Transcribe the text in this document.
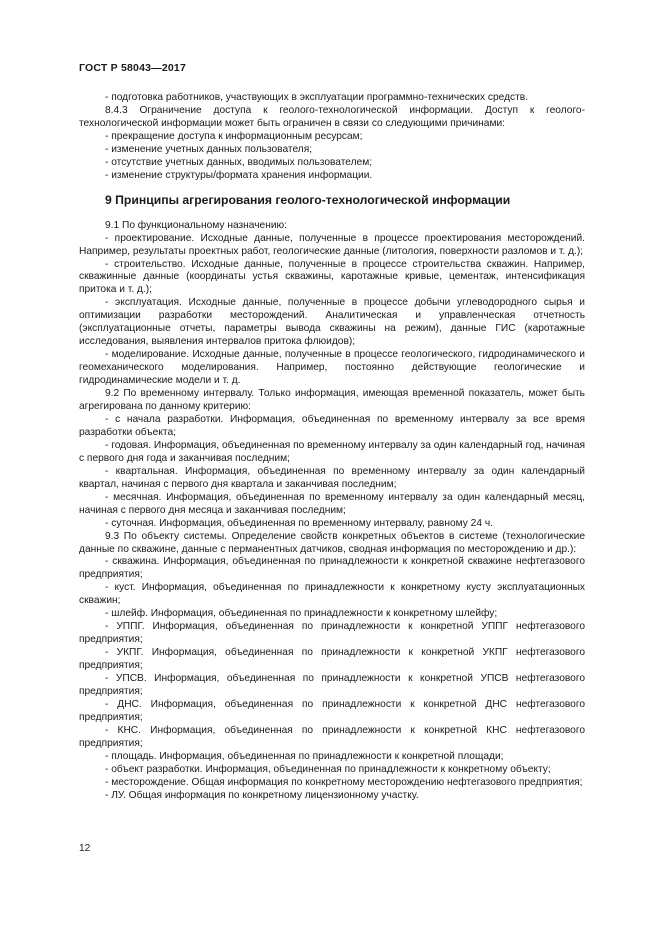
ГОСТ Р 58043—2017

- подготовка работников, участвующих в эксплуатации программно-технических средств.

8.4.3 Ограничение доступа к геолого-технологической информации. Доступ к геолого-технологической информации может быть ограничен в связи со следующими причинами:

- прекращение доступа к информационным ресурсам;

- изменение учетных данных пользователя;

- отсутствие учетных данных, вводимых пользователем;

- изменение структуры/формата хранения информации.

9 Принципы агрегирования геолого-технологической информации

9.1 По функциональному назначению:

- проектирование. Исходные данные, полученные в процессе проектирования месторождений. Например, результаты проектных работ, геологические данные (литология, поверхности разломов и т. д.);

- строительство. Исходные данные, полученные в процессе строительства скважин. Например, скважинные данные (координаты устья скважины, каротажные кривые, цементаж, интенсификация притока и т. д.);

- эксплуатация. Исходные данные, полученные в процессе добычи углеводородного сырья и оптимизации разработки месторождений. Аналитическая и управленческая отчетность (эксплуатационные отчеты, параметры вывода скважины на режим), данные ГИС (каротажные исследования, выявления интервалов притока флюидов);

- моделирование. Исходные данные, полученные в процессе геологического, гидродинамического и геомеханического моделирования. Например, постоянно действующие геологические и гидродинамические модели и т. д.

9.2 По временному интервалу. Только информация, имеющая временной показатель, может быть агрегирована по данному критерию:

- с начала разработки. Информация, объединенная по временному интервалу за все время разработки объекта;

- годовая. Информация, объединенная по временному интервалу за один календарный год, начиная с первого дня года и заканчивая последним;

- квартальная. Информация, объединенная по временному интервалу за один календарный квартал, начиная с первого дня квартала и заканчивая последним;

- месячная. Информация, объединенная по временному интервалу за один календарный месяц, начиная с первого дня месяца и заканчивая последним;

- суточная. Информация, объединенная по временному интервалу, равному 24 ч.

9.3 По объекту системы. Определение свойств конкретных объектов в системе (технологические данные по скважине, данные с перманентных датчиков, сводная информация по месторождению и др.):

- скважина. Информация, объединенная по принадлежности к конкретной скважине нефтегазового предприятия;

- куст. Информация, объединенная по принадлежности к конкретному кусту эксплуатационных скважин;

- шлейф. Информация, объединенная по принадлежности к конкретному шлейфу;

- УППГ. Информация, объединенная по принадлежности к конкретной УППГ нефтегазового предприятия;

- УКПГ. Информация, объединенная по принадлежности к конкретной УКПГ нефтегазового предприятия;

- УПСВ. Информация, объединенная по принадлежности к конкретной УПСВ нефтегазового предприятия;

- ДНС. Информация, объединенная по принадлежности к конкретной ДНС нефтегазового предприятия;

- КНС. Информация, объединенная по принадлежности к конкретной КНС нефтегазового предприятия;

- площадь. Информация, объединенная по принадлежности к конкретной площади;

- объект разработки. Информация, объединенная по принадлежности к конкретному объекту;

- месторождение. Общая информация по конкретному месторождению нефтегазового предприятия;

- ЛУ. Общая информация по конкретному лицензионному участку.

12
